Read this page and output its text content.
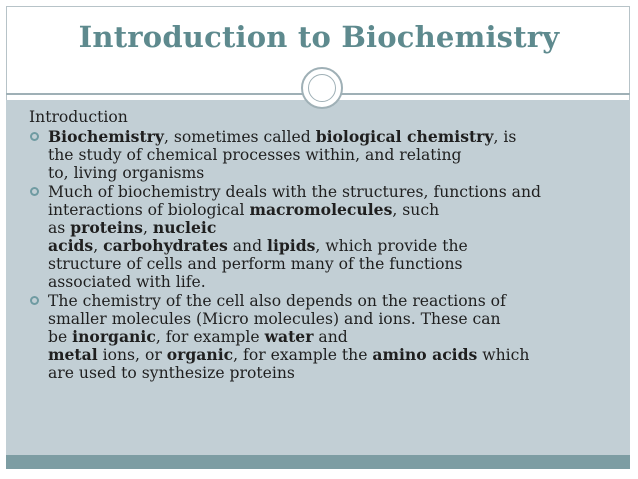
Introduction to Biochemistry
Introduction
Biochemistry, sometimes called biological chemistry, is
the study of chemical processes within, and relating
to, living organisms
Much of biochemistry deals with the structures, functions and
interactions of biological macromolecules, such
as proteins, nucleic
acids, carbohydrates and lipids, which provide the
structure of cells and perform many of the functions
associated with life.
The chemistry of the cell also depends on the reactions of
smaller molecules (Micro molecules) and ions. These can
be inorganic, for example water and
metal ions, or organic, for example the amino acids which
are used to synthesize proteins
